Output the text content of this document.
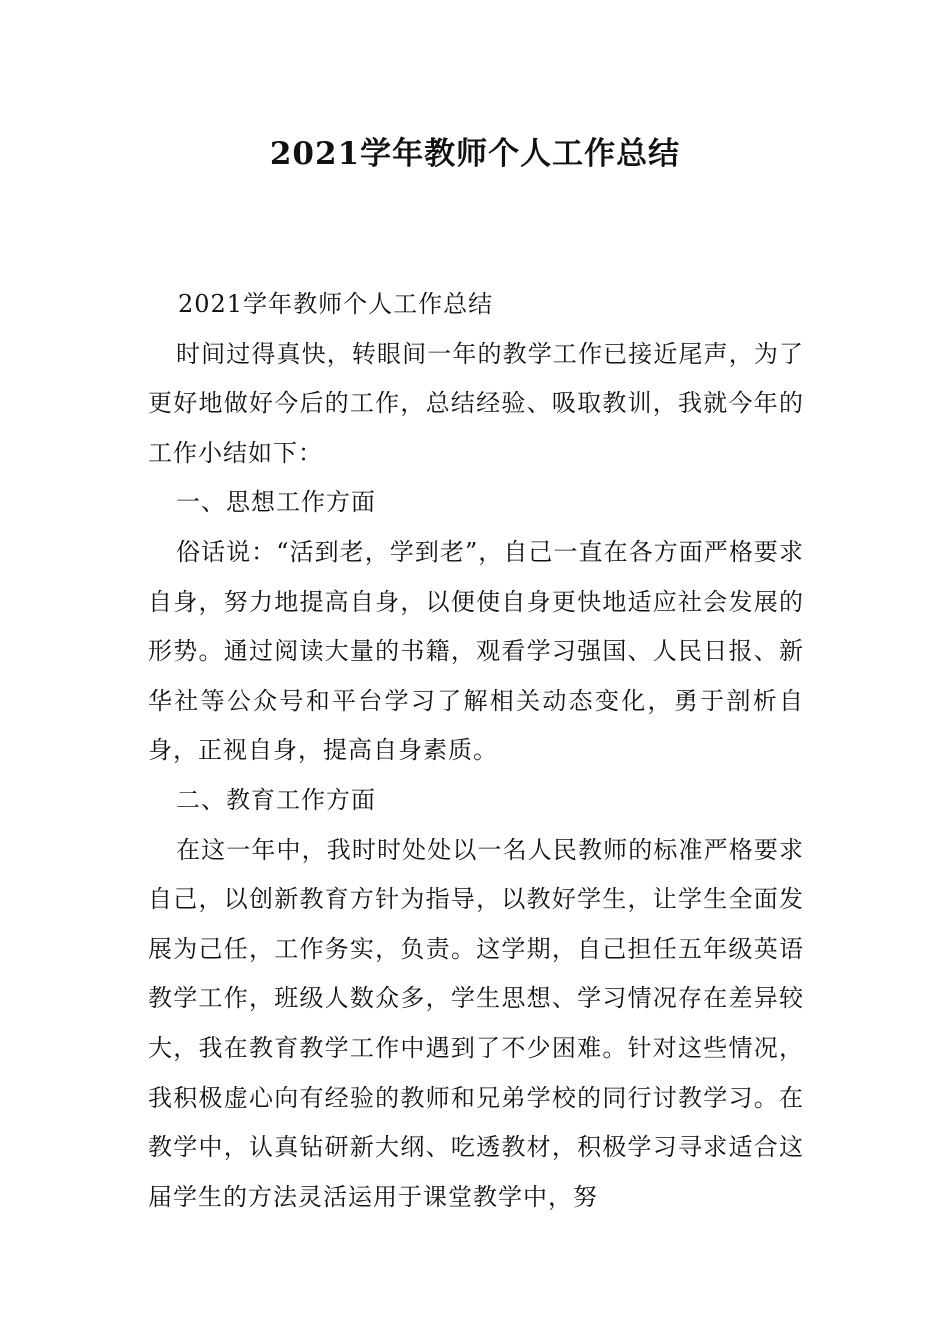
2021学年教师个人工作总结

2021学年教师个人工作总结

时间过得真快，转眼间一年的教学工作已接近尾声，为了更好地做好今后的工作，总结经验、吸取教训，我就今年的工作小结如下：

一、思想工作方面

俗话说：“活到老，学到老”，自己一直在各方面严格要求自身，努力地提高自身，以便使自身更快地适应社会发展的形势。通过阅读大量的书籍，观看学习强国、人民日报、新华社等公众号和平台学习了解相关动态变化，勇于剖析自身，正视自身，提高自身素质。

二、教育工作方面

在这一年中，我时时处处以一名人民教师的标准严格要求自己，以创新教育方针为指导，以教好学生，让学生全面发展为己任，工作务实，负责。这学期，自己担任五年级英语教学工作，班级人数众多，学生思想、学习情况存在差异较大，我在教育教学工作中遇到了不少困难。针对这些情况，我积极虚心向有经验的教师和兄弟学校的同行讨教学习。在教学中，认真钻研新大纲、吃透教材，积极学习寻求适合这届学生的方法灵活运用于课堂教学中，努
